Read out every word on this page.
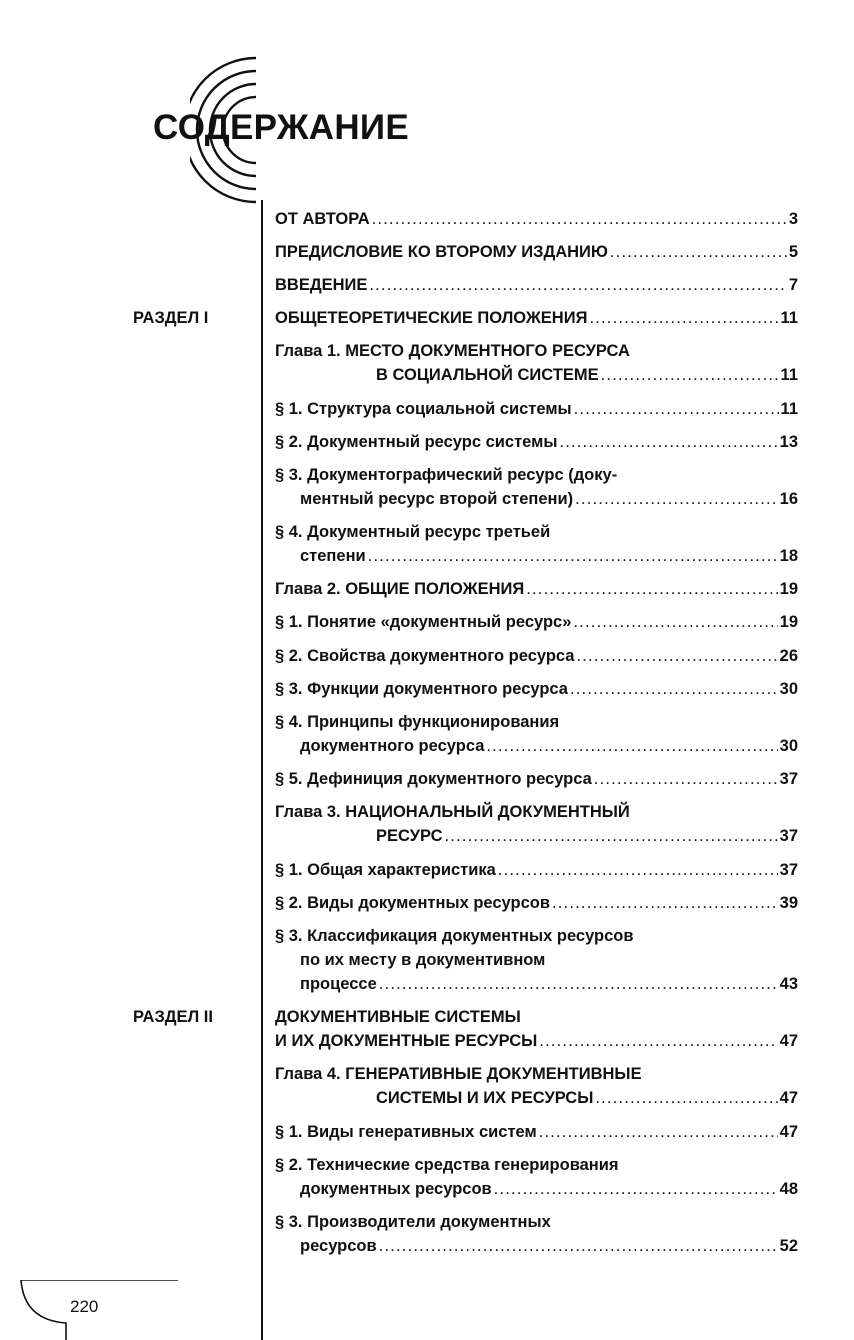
СОДЕРЖАНИЕ
ОТ АВТОРА .....	3
ПРЕДИСЛОВИЕ КО ВТОРОМУ ИЗДАНИЮ .....	5
ВВЕДЕНИЕ .....	7
РАЗДЕЛ I	ОБЩЕТЕОРЕТИЧЕСКИЕ ПОЛОЖЕНИЯ .....	11
Глава 1. МЕСТО ДОКУМЕНТНОГО РЕСУРСА
В СОЦИАЛЬНОЙ СИСТЕМЕ .....	11
§ 1. Структура социальной системы .....	11
§ 2. Документный ресурс системы .....	13
§ 3. Документографический ресурс (доку-
ментный ресурс второй степени) .....	16
§ 4. Документный ресурс третьей
степени .....	18
Глава 2. ОБЩИЕ ПОЛОЖЕНИЯ .....	19
§ 1. Понятие «документный ресурс» .....	19
§ 2. Свойства документного ресурса .....	26
§ 3. Функции документного ресурса .....	30
§ 4. Принципы функционирования
документного ресурса .....	30
§ 5. Дефиниция документного ресурса .....	37
Глава 3. НАЦИОНАЛЬНЫЙ ДОКУМЕНТНЫЙ
РЕСУРС .....	37
§ 1. Общая характеристика .....	37
§ 2. Виды документных ресурсов .....	39
§ 3. Классификация документных ресурсов
по их месту в документивном
процессе .....	43
РАЗДЕЛ II	ДОКУМЕНТИВНЫЕ СИСТЕМЫ
И ИХ ДОКУМЕНТНЫЕ РЕСУРСЫ .....	47
Глава 4. ГЕНЕРАТИВНЫЕ ДОКУМЕНТИВНЫЕ
СИСТЕМЫ И ИХ РЕСУРСЫ .....	47
§ 1. Виды генеративных систем .....	47
§ 2. Технические средства генерирования
документных ресурсов .....	48
§ 3. Производители документных
ресурсов .....	52
220
